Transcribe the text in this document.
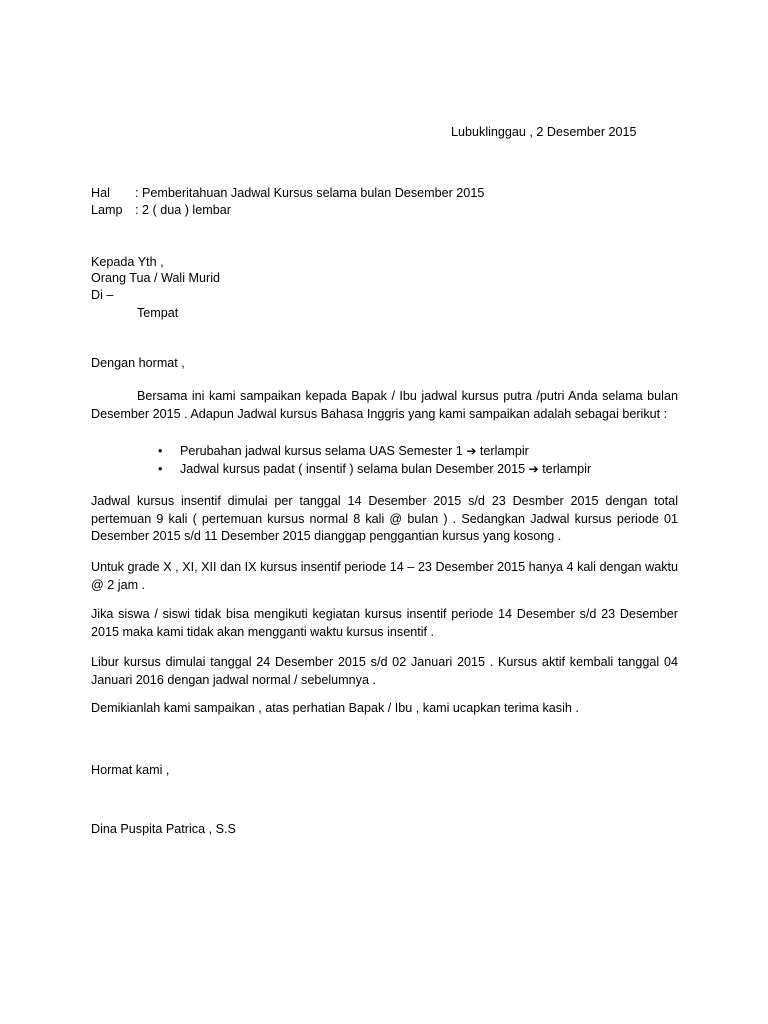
Lubuklinggau , 2 Desember 2015
Hal : Pemberitahuan Jadwal Kursus selama bulan Desember 2015
Lamp : 2 ( dua ) lembar
Kepada Yth ,
Orang Tua / Wali Murid
Di –
Tempat
Dengan hormat ,
Bersama ini kami sampaikan kepada Bapak / Ibu jadwal kursus putra /putri Anda selama bulan Desember 2015 . Adapun Jadwal kursus Bahasa Inggris yang kami sampaikan adalah sebagai berikut :
• Perubahan jadwal kursus selama UAS Semester 1 ➔ terlampir
• Jadwal kursus padat ( insentif ) selama bulan Desember 2015 ➔ terlampir
Jadwal kursus insentif dimulai per tanggal 14 Desember 2015 s/d 23 Desmber 2015 dengan total pertemuan 9 kali ( pertemuan kursus normal 8 kali @ bulan ) . Sedangkan Jadwal kursus periode 01 Desember 2015 s/d 11 Desember 2015 dianggap penggantian kursus yang kosong .
Untuk grade X , XI, XII dan IX kursus insentif periode 14 – 23 Desember 2015 hanya 4 kali dengan waktu @ 2 jam .
Jika siswa / siswi tidak bisa mengikuti kegiatan kursus insentif periode 14 Desember s/d 23 Desember 2015 maka kami tidak akan mengganti waktu kursus insentif .
Libur kursus dimulai tanggal 24 Desember 2015 s/d 02 Januari 2015 . Kursus aktif kembali tanggal 04 Januari 2016 dengan jadwal normal / sebelumnya .
Demikianlah kami sampaikan , atas perhatian Bapak / Ibu , kami ucapkan terima kasih .
Hormat kami ,
Dina Puspita Patrica , S.S
